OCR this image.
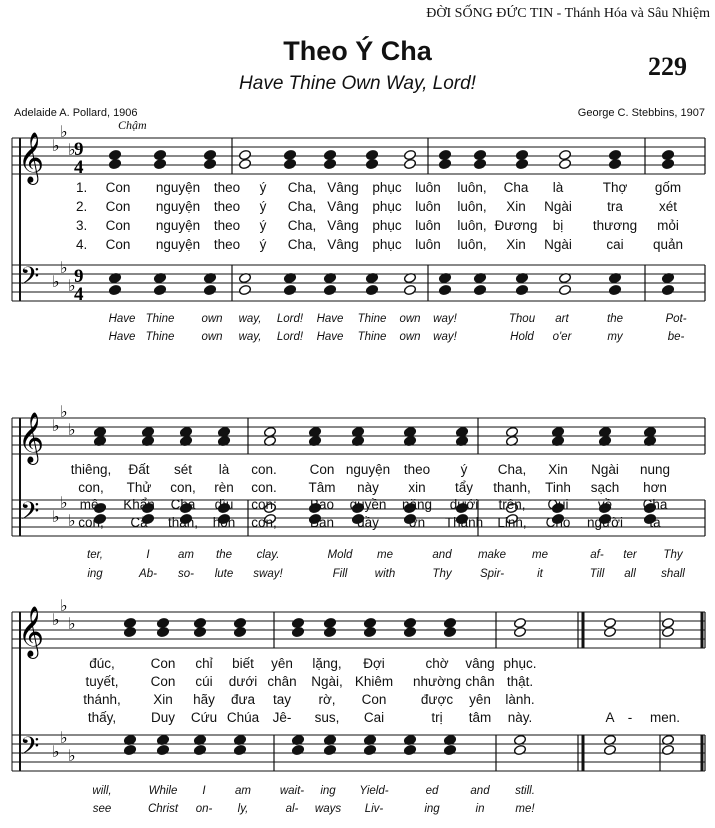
ĐỜI SỐNG ĐỨC TIN - Thánh Hóa và Sâu Nhiệm
Theo Ý Cha
Have Thine Own Way, Lord!
229
Adelaide A. Pollard, 1906	George C. Stebbins, 1907
Chậm
𝄞
𝄢
♭
♭
♭
♭
♭
♭
9
4
9
4
𝄞
𝄢
♭
♭
♭
♭
♭
♭
𝄞
𝄢
♭
♭
♭
♭
♭
♭
1. Con nguyện theo ý Cha, Vâng phục luôn luôn, Cha là	Thợ gốm
2. Con nguyện theo ý Cha, Vâng phục luôn luôn, Xin Ngài	tra	xét
3. Con nguyện theo ý Cha, Vâng phục luôn luôn, Đương bị thương mỏi
4. Con nguyện theo ý Cha, Vâng phục luôn luôn, Xin Ngài	cai quản
Have Thine own way, Lord! Have Thine own way!	Thou art	the	Pot-
Have Thine own way, Lord! Have Thine own way!	Hold o'er	my	be-
thiêng, Đất sét là con. Con nguyện theo ý Cha, Xin Ngài nung
con, Thử con, rèn con. Tâm này xin tẩy thanh, Tinh sạch hơn
mê, Khẩn Cha dìu con; Bao quyền năng dưới trên, Qui về Cha
con, Cả thân, hồn con; Ban đầy ơn Thánh Linh, Cho người ta
ter,	I am the clay.	Mold me	and make me	af- ter Thy
ing	Ab- so- lute sway!	Fill with	Thy Spir-	it	Till all shall
đúc,	Con chỉ biết yên lặng, Đợi	chờ vâng phục.
tuyết, Con cúi dưới chân Ngài, Khiêm nhường chân thật.
thánh, Xin hãy đưa tay rờ, Con	được yên lành.
thấy,	Duy Cứu Chúa Jê- sus, Cai	trị tâm này.	A - men.
will,	While I	am	wait- ing Yield-	ed	and still.
see	Christ on- ly,	al- ways Liv-	ing	in	me!
